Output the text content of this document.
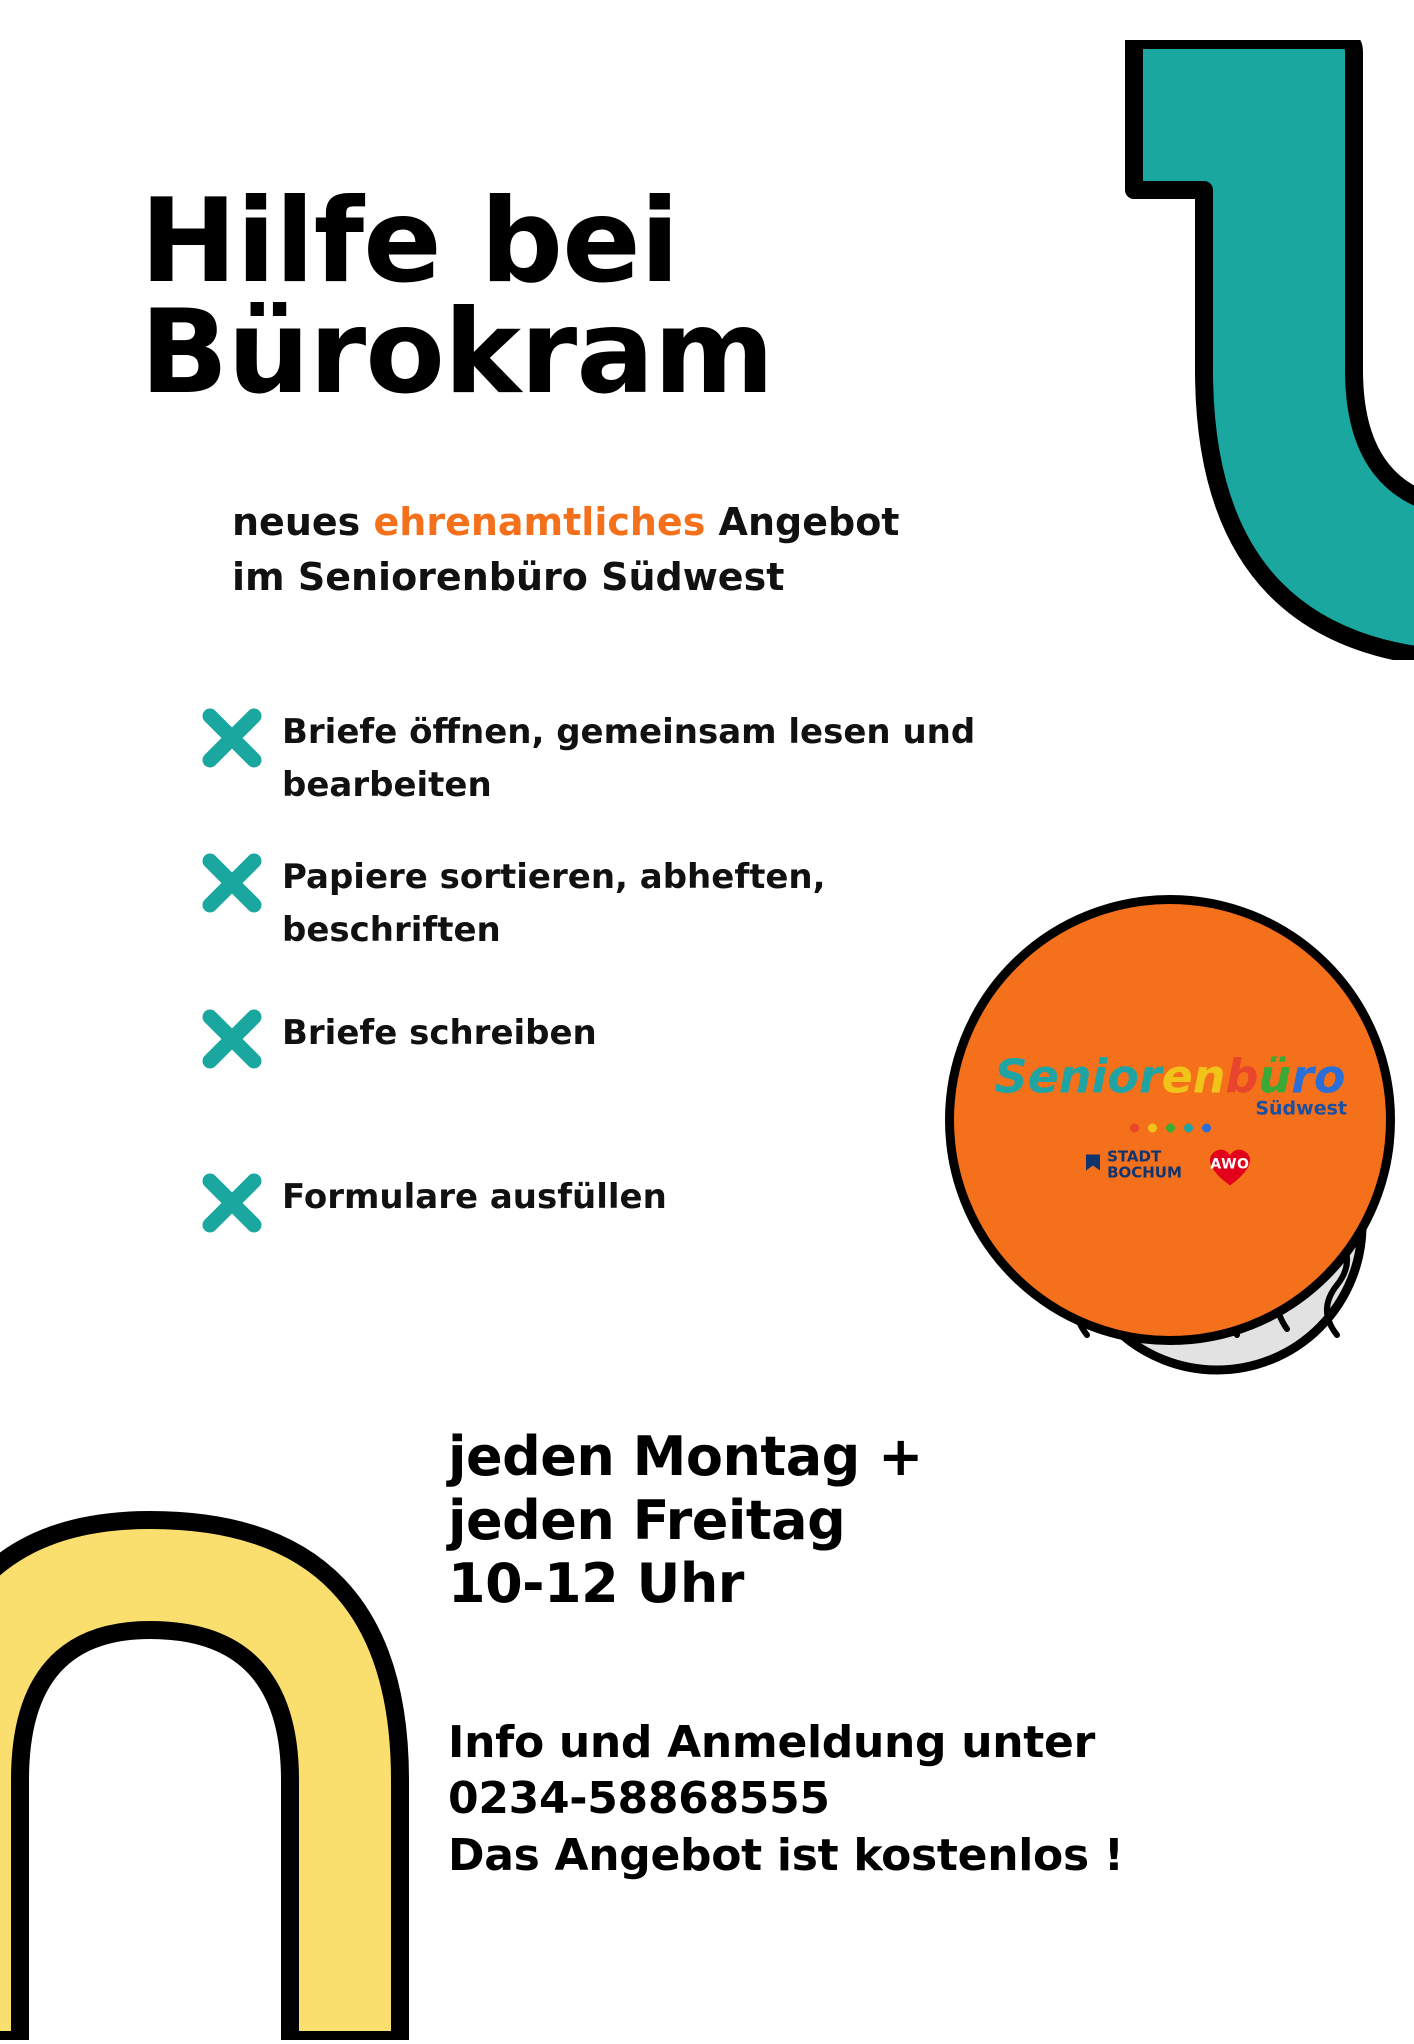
Seniorenbüro
Südwest
STADT
BOCHUM AWO
Hilfe bei
Bürokram
neues ehrenamtliches Angebot
im Seniorenbüro Südwest
Briefe öffnen, gemeinsam lesen und bearbeiten
Papiere sortieren, abheften, beschriften
Briefe schreiben
Formulare ausfüllen
jeden Montag +
jeden Freitag
10-12 Uhr
Info und Anmeldung unter
0234-58868555
Das Angebot ist kostenlos !
